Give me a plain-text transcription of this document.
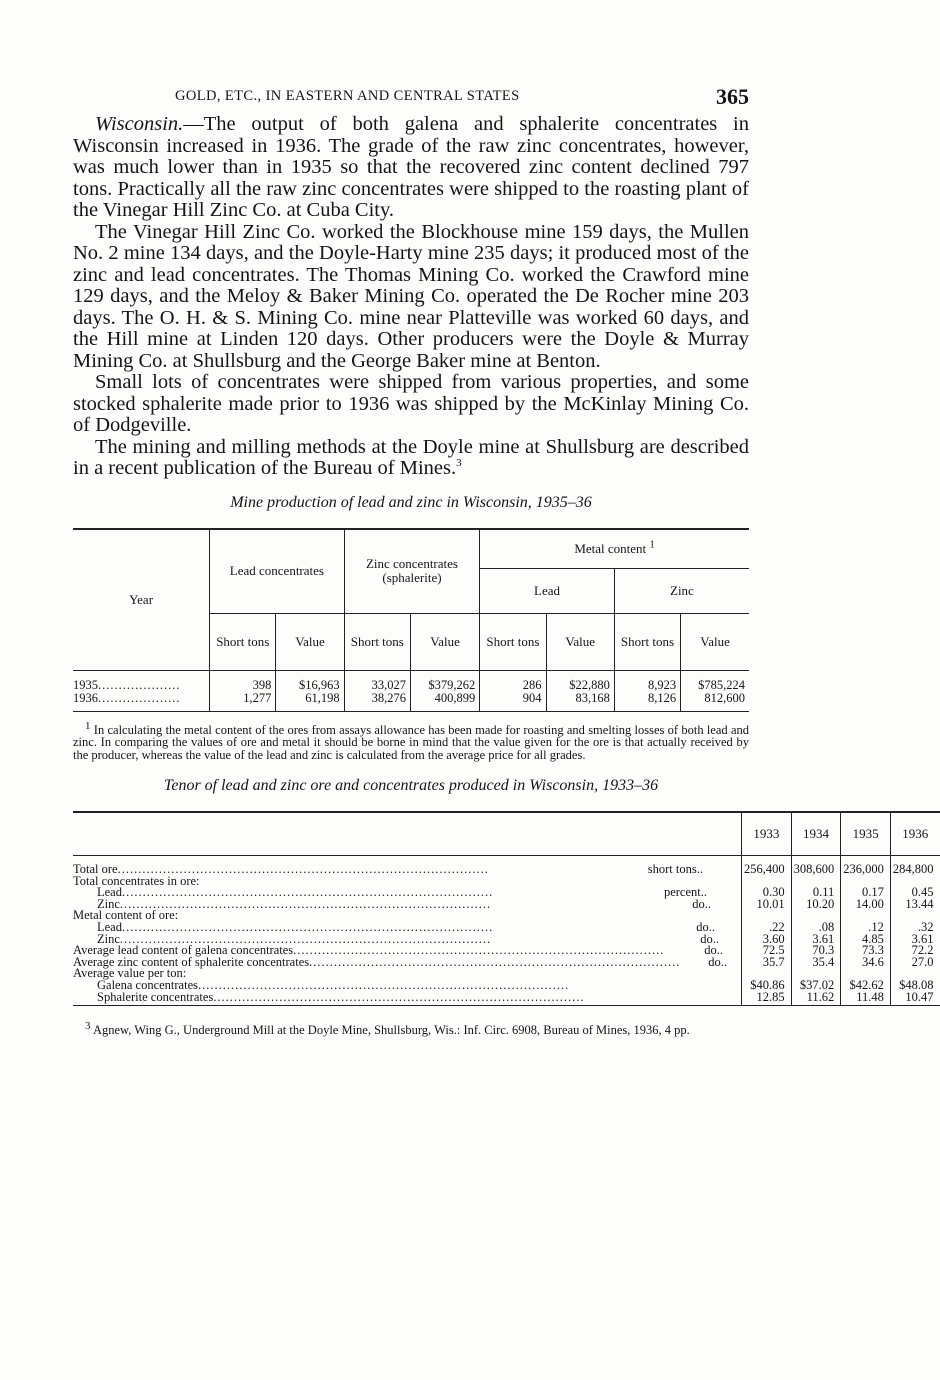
GOLD, ETC., IN EASTERN AND CENTRAL STATES	365

Wisconsin.—The output of both galena and sphalerite concentrates in Wisconsin increased in 1936. The grade of the raw zinc concentrates, however, was much lower than in 1935 so that the recovered zinc content declined 797 tons. Practically all the raw zinc concentrates were shipped to the roasting plant of the Vinegar Hill Zinc Co. at Cuba City.

The Vinegar Hill Zinc Co. worked the Blockhouse mine 159 days, the Mullen No. 2 mine 134 days, and the Doyle-Harty mine 235 days; it produced most of the zinc and lead concentrates. The Thomas Mining Co. worked the Crawford mine 129 days, and the Meloy & Baker Mining Co. operated the De Rocher mine 203 days. The O. H. & S. Mining Co. mine near Platteville was worked 60 days, and the Hill mine at Linden 120 days. Other producers were the Doyle & Murray Mining Co. at Shullsburg and the George Baker mine at Benton.

Small lots of concentrates were shipped from various properties, and some stocked sphalerite made prior to 1936 was shipped by the McKinlay Mining Co. of Dodgeville.

The mining and milling methods at the Doyle mine at Shullsburg are described in a recent publication of the Bureau of Mines.$^3$

Mine production of lead and zinc in Wisconsin, 1935–36
Year	Lead concentrates		Zinc concentrates (sphalerite)		Metal content $^1$
					Lead		Zinc	
	Short tons	Value	Short tons	Value	Short tons	Value	Short tons	Value

1935....................	398	$16,963	33,027	$379,262	286	$22,880	8,923	$785,224
1936....................	1,277	61,198	38,276	400,899	904	83,168	8,126	812,600

1 In calculating the metal content of the ores from assays allowance has been made for roasting and smelting losses of both lead and zinc. In comparing the values of ore and metal it should be borne in mind that the value given for the ore is that actually received by the producer, whereas the value of the lead and zinc is calculated from the average price for all grades.
Tenor of lead and zinc ore and concentrates produced in Wisconsin, 1933–36
	1933	1934	1935	1936

Total ore.......................................................................................... short tons..	256,400	308,600	236,000	284,800
Total concentrates in ore:				
Lead.......................................................................................... percent..	0.30	0.11	0.17	0.45
Zinc.......................................................................................... do..	10.01	10.20	14.00	13.44
Metal content of ore:				
Lead.......................................................................................... do..	.22	.08	.12	.32
Zinc.......................................................................................... do..	3.60	3.61	4.85	3.61
Average lead content of galena concentrates.......................................................................................... do..	72.5	70.3	73.3	72.2
Average zinc content of sphalerite concentrates.......................................................................................... do..	35.7	35.4	34.6	27.0
Average value per ton:				
Galena concentrates..........................................................................................	$40.86	$37.02	$42.62	$48.08
Sphalerite concentrates..........................................................................................	12.85	11.62	11.48	10.47

3 Agnew, Wing G., Underground Mill at the Doyle Mine, Shullsburg, Wis.: Inf. Circ. 6908, Bureau of Mines, 1936, 4 pp.
